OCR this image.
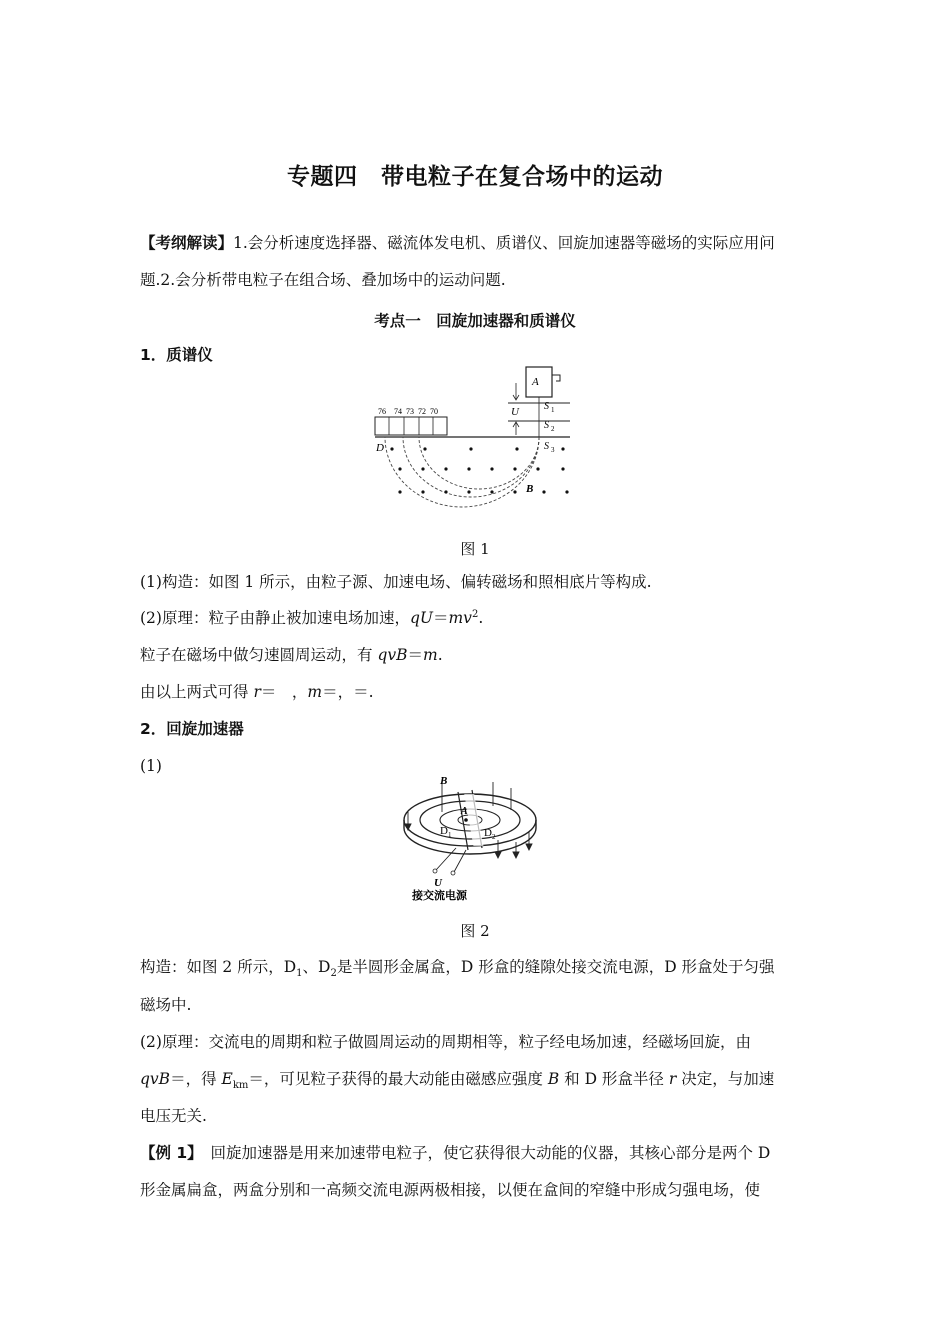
专题四　带电粒子在复合场中的运动
【考纲解读】1.会分析速度选择器、磁流体发电机、质谱仪、回旋加速器等磁场的实际应用问
题.2.会分析带电粒子在组合场、叠加场中的运动问题.
考点一　回旋加速器和质谱仪
1．质谱仪
A
U	S 1
S 2
S 3
76 74 73 72 70
D
B
图 1
(1)构造：如图 1 所示，由粒子源、加速电场、偏转磁场和照相底片等构成.
(2)原理：粒子由静止被加速电场加速，$qU=mv^2$.
粒子在磁场中做匀速圆周运动，有 qvB＝m.
由以上两式可得 r＝　，m＝，＝.
2．回旋加速器
(1)
B
A
D 1	D 2
U
接交流电源
图 2
构造：如图 2 所示，$D_1$、$D_2$是半圆形金属盒，D 形盒的缝隙处接交流电源，D 形盒处于匀强
磁场中.
(2)原理：交流电的周期和粒子做圆周运动的周期相等，粒子经电场加速，经磁场回旋，由
qvB＝，得 $E_{km}=$，可见粒子获得的最大动能由磁感应强度 B 和 D 形盒半径 r 决定，与加速
电压无关.
【例 1】　回旋加速器是用来加速带电粒子，使它获得很大动能的仪器，其核心部分是两个 D
形金属扁盒，两盒分别和一高频交流电源两极相接，以便在盒间的窄缝中形成匀强电场，使
